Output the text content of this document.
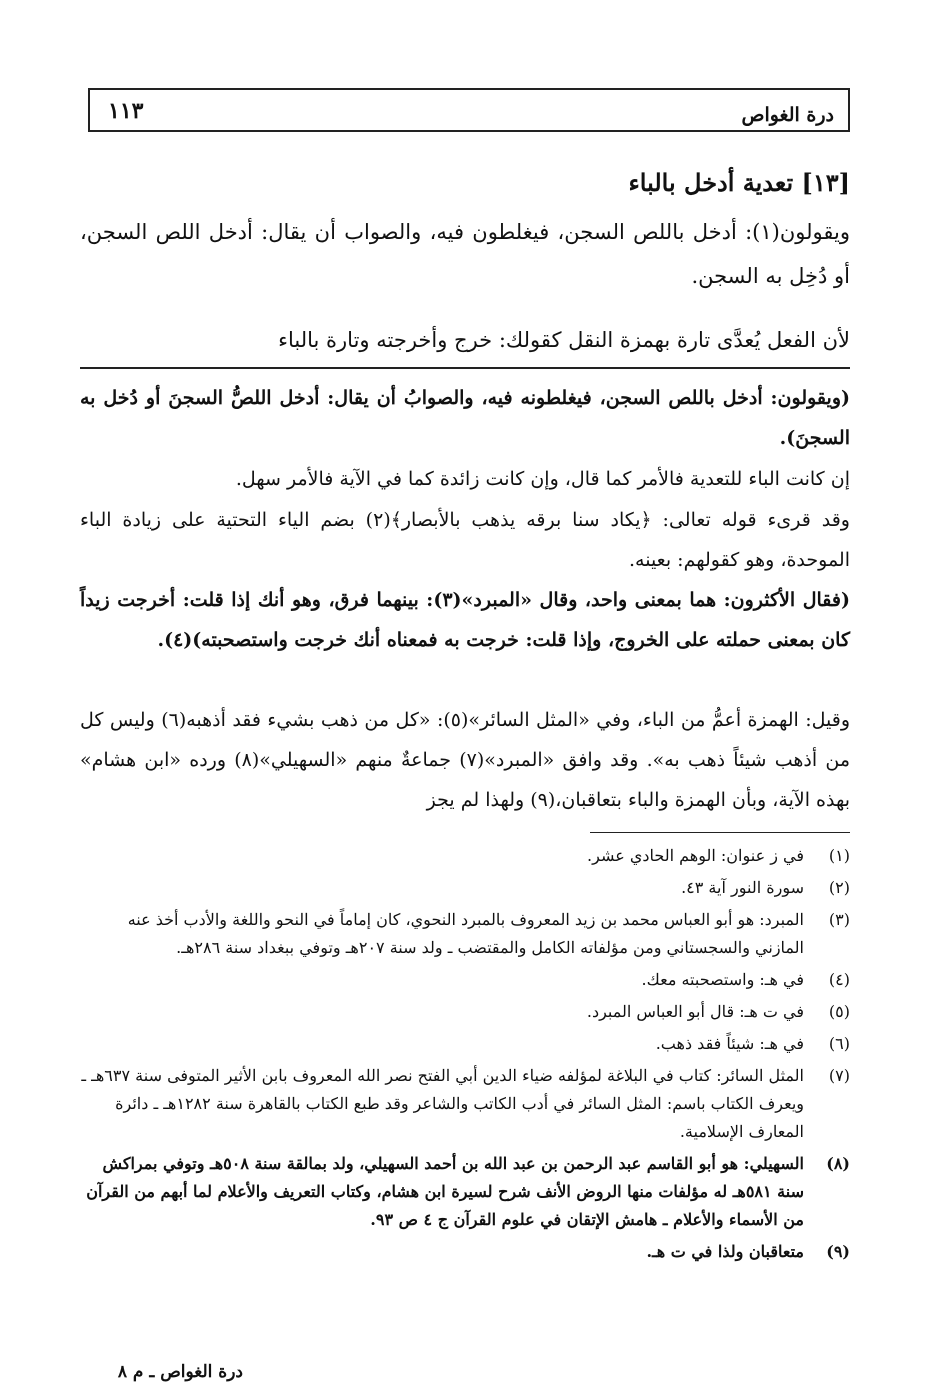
درة الغواص
١١٣
[١٣] تعدية أدخل بالباء
ويقولون(١): أدخل باللص السجن، فيغلطون فيه، والصواب أن يقال: أدخل اللص السجن، أو دُخِل به السجن.
لأن الفعل يُعدَّى تارة بهمزة النقل كقولك: خرج وأخرجته وتارة بالباء
(ويقولون: أدخل باللص السجن، فيغلطونه فيه، والصوابُ أن يقال: أدخل اللصُّ السجنَ أو دُخل به السجنَ).
إن كانت الباء للتعدية فالأمر كما قال، وإن كانت زائدة كما في الآية فالأمر سهل.
وقد قرىء قوله تعالى: ﴿يكاد سنا برقه يذهب بالأبصار﴾(٢) بضم الياء التحتية على زيادة الباء الموحدة، وهو كقولهم: بعينه.
(فقال الأكثرون: هما بمعنى واحد، وقال «المبرد»(٣): بينهما فرق، وهو أنك إذا قلت: أخرجت زيداً كان بمعنى حملته على الخروج، وإذا قلت: خرجت به فمعناه أنك خرجت واستصحبته)(٤).
وقيل: الهمزة أعمُّ من الباء، وفي «المثل السائر»(٥): «كل من ذهب بشيء فقد أذهبه(٦) وليس كل من أذهب شيئاً ذهب به». وقد وافق «المبرد»(٧) جماعةٌ منهم «السهيلي»(٨) ورده «ابن هشام» بهذه الآية، وبأن الهمزة والباء بتعاقبان،(٩) ولهذا لم يجز
(١)
في ز عنوان: الوهم الحادي عشر.
(٢)
سورة النور آية ٤٣.
(٣)
المبرد: هو أبو العباس محمد بن زيد المعروف بالمبرد النحوي، كان إماماً في النحو واللغة والأدب أخذ عنه المازني والسجستاني ومن مؤلفاته الكامل والمقتضب ـ ولد سنة ٢٠٧هـ وتوفي ببغداد سنة ٢٨٦هـ.
(٤)
في هـ: واستصحبته معك.
(٥)
في ت هـ: قال أبو العباس المبرد.
(٦)
في هـ: شيئاً فقد ذهب.
(٧)
المثل السائر: كتاب في البلاغة لمؤلفه ضياء الدين أبي الفتح نصر الله المعروف بابن الأثير المتوفى سنة ٦٣٧هـ ـ ويعرف الكتاب باسم: المثل السائر في أدب الكاتب والشاعر وقد طبع الكتاب بالقاهرة سنة ١٢٨٢هـ ـ دائرة المعارف الإسلامية.
(٨)
السهيلي: هو أبو القاسم عبد الرحمن بن عبد الله بن أحمد السهيلي، ولد بمالقة سنة ٥٠٨هـ وتوفي بمراكش سنة ٥٨١هـ له مؤلفات منها الروض الأنف شرح لسيرة ابن هشام، وكتاب التعريف والأعلام لما أبهم من القرآن من الأسماء والأعلام ـ هامش الإتقان في علوم القرآن ج ٤ ص ٩٣.
(٩)
متعاقبان ولذا في ت هـ.
درة الغواص ـ م ٨
